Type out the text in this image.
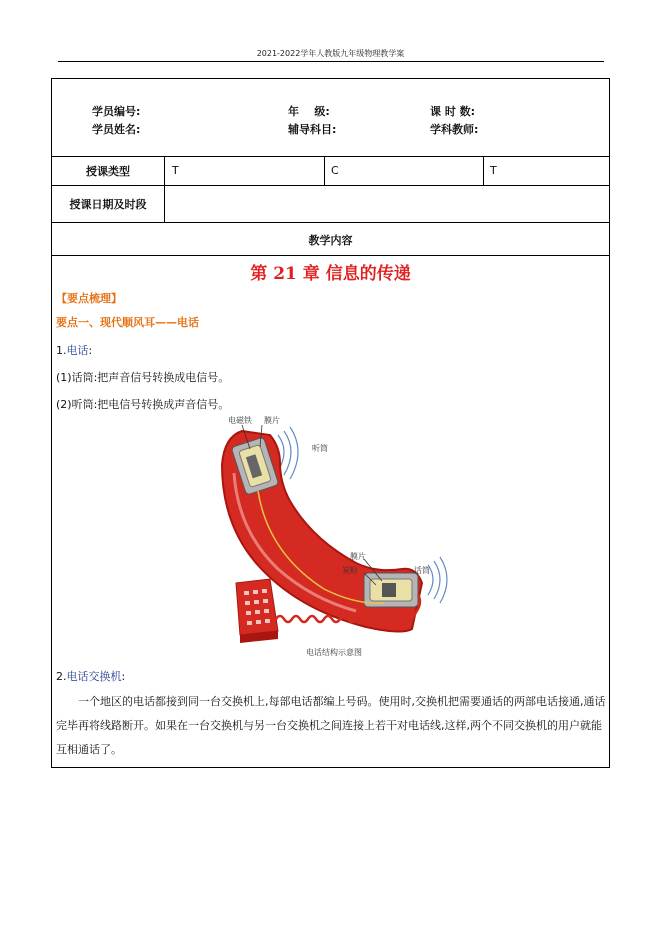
2021-2022学年人教版九年级物理教学案
学员编号:	年    级:	课 时 数:
学员姓名:	辅导科目:	学科教师:
授课类型	T	C	T
授课日期及时段
教学内容
第 21 章 信息的传递
【要点梳理】
要点一、现代顺风耳——电话
1.电话:
(1)话筒:把声音信号转换成电信号。
(2)听筒:把电信号转换成声音信号。
电磁铁 膜片
听筒
膜片
炭粒	话筒
电话结构示意图
2.电话交换机:
一个地区的电话都接到同一台交换机上,每部电话都编上号码。使用时,交换机把需要通话的两部电话接通,通话完毕再将线路断开。如果在一台交换机与另一台交换机之间连接上若干对电话线,这样,两个不同交换机的用户就能互相通话了。
